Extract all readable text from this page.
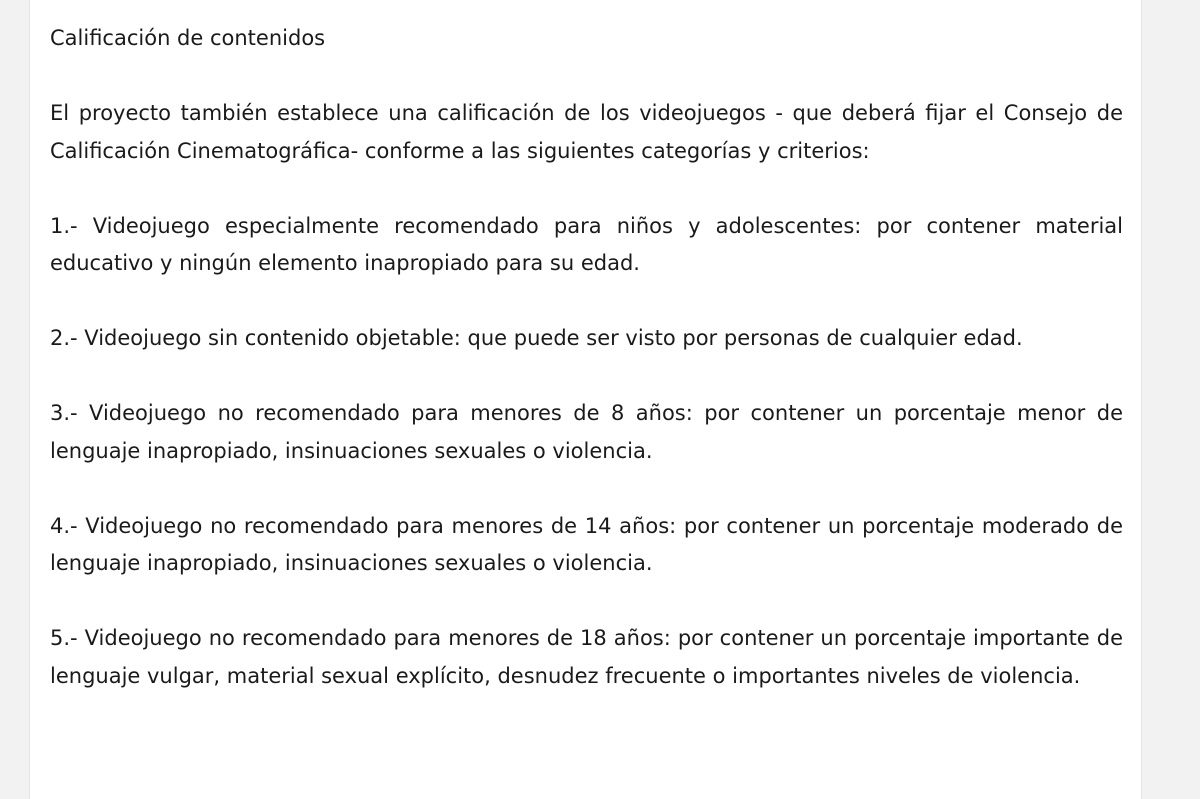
Calificación de contenidos

El proyecto también establece una calificación de los videojuegos - que deberá fijar el Consejo de Calificación Cinematográfica- conforme a las siguientes categorías y criterios:

1.- Videojuego especialmente recomendado para niños y adolescentes: por contener material educativo y ningún elemento inapropiado para su edad.

2.- Videojuego sin contenido objetable: que puede ser visto por personas de cualquier edad.

3.- Videojuego no recomendado para menores de 8 años: por contener un porcentaje menor de lenguaje inapropiado, insinuaciones sexuales o violencia.

4.- Videojuego no recomendado para menores de 14 años: por contener un porcentaje moderado de lenguaje inapropiado, insinuaciones sexuales o violencia.

5.- Videojuego no recomendado para menores de 18 años: por contener un porcentaje importante de lenguaje vulgar, material sexual explícito, desnudez frecuente o importantes niveles de violencia.
